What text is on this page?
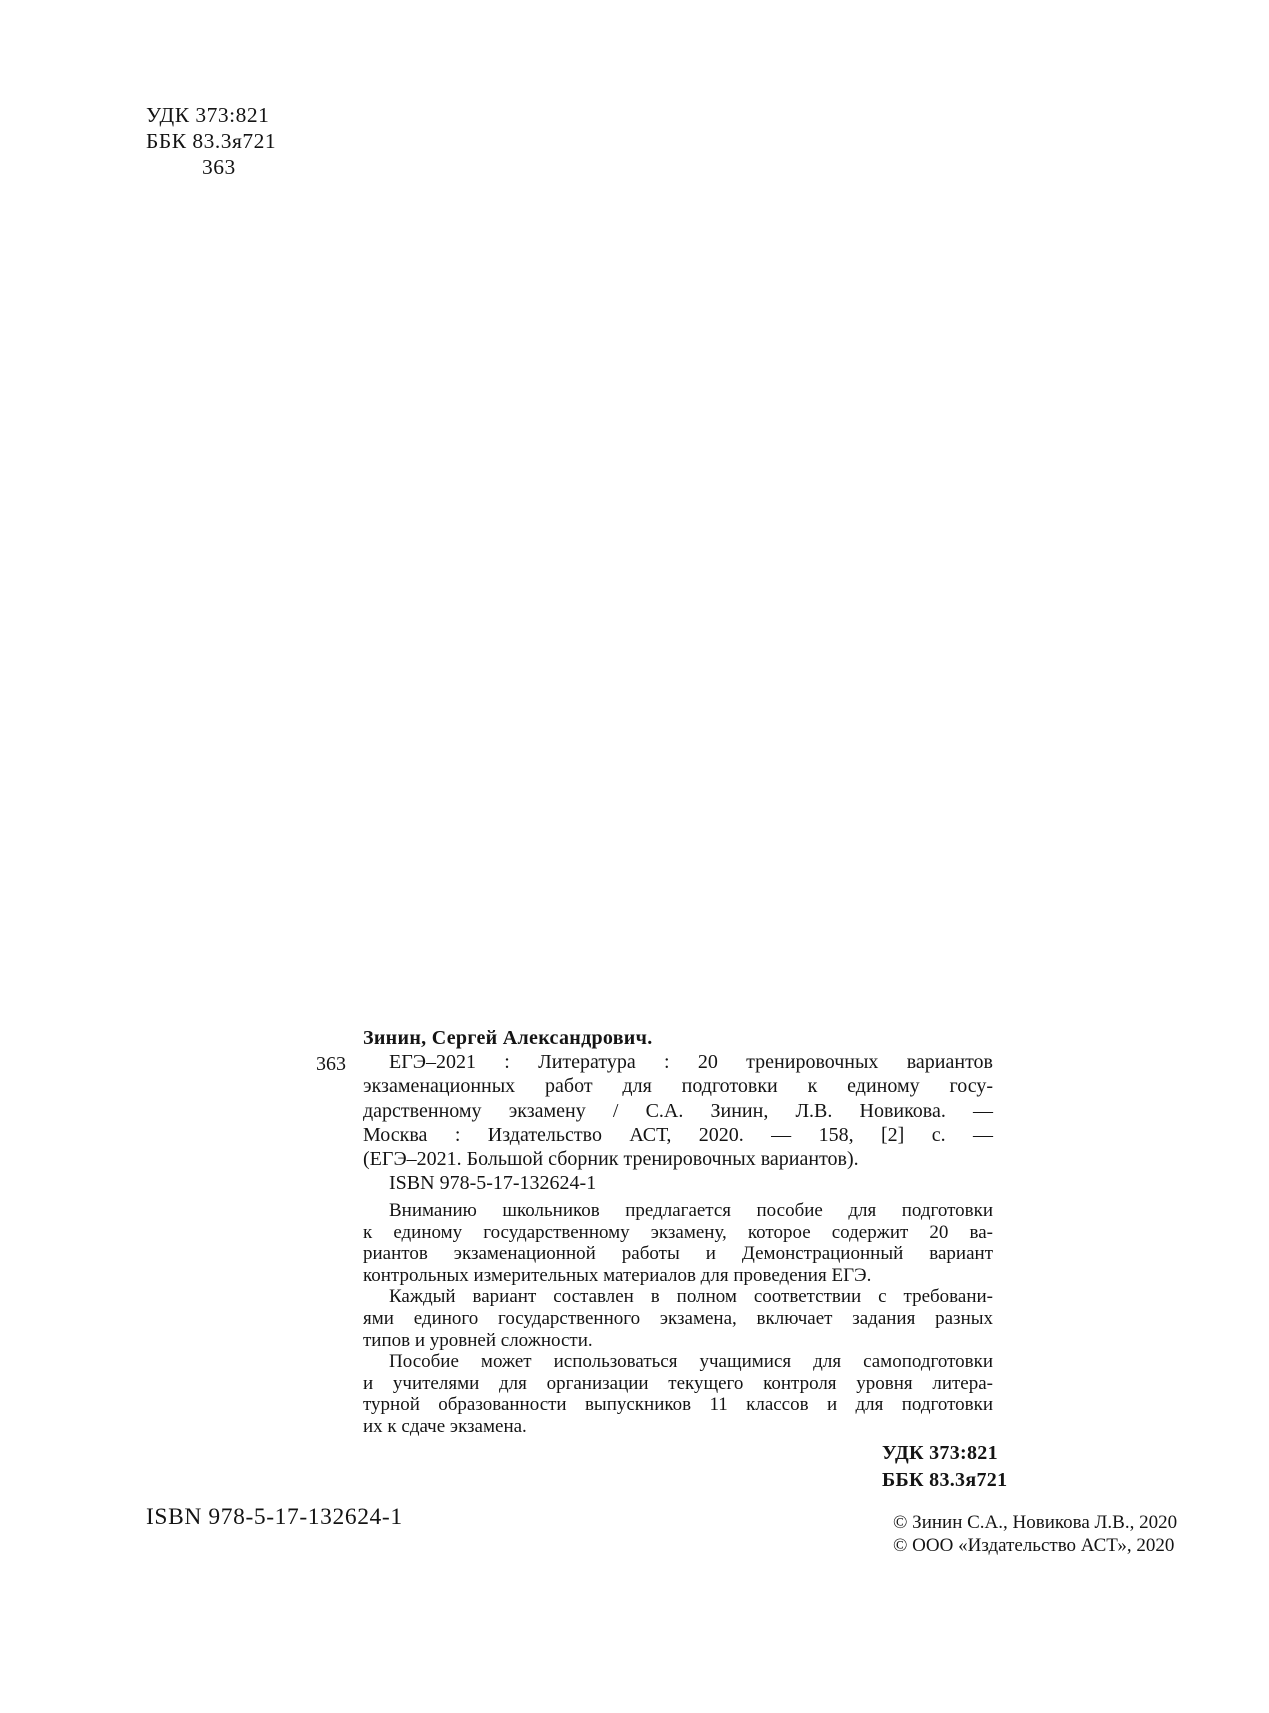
УДК 373:821
ББК 83.3я721
363
363
Зинин, Сергей Александрович.
ЕГЭ–2021 : Литература : 20 тренировочных вариантов
экзаменационных работ для подготовки к единому госу-
дарственному экзамену / С.А. Зинин, Л.В. Новикова. —
Москва : Издательство АСТ, 2020. — 158, [2] с. —
(ЕГЭ–2021. Большой сборник тренировочных вариантов).
ISBN 978-5-17-132624-1
Вниманию школьников предлагается пособие для подготовки
к единому государственному экзамену, которое содержит 20 ва-
риантов экзаменационной работы и Демонстрационный вариант
контрольных измерительных материалов для проведения ЕГЭ.
Каждый вариант составлен в полном соответствии с требовани-
ями единого государственного экзамена, включает задания разных
типов и уровней сложности.
Пособие может использоваться учащимися для самоподготовки
и учителями для организации текущего контроля уровня литера-
турной образованности выпускников 11 классов и для подготовки
их к сдаче экзамена.
УДК 373:821
ББК 83.3я721
ISBN 978-5-17-132624-1	© Зинин С.А., Новикова Л.В., 2020
© ООО «Издательство АСТ», 2020
